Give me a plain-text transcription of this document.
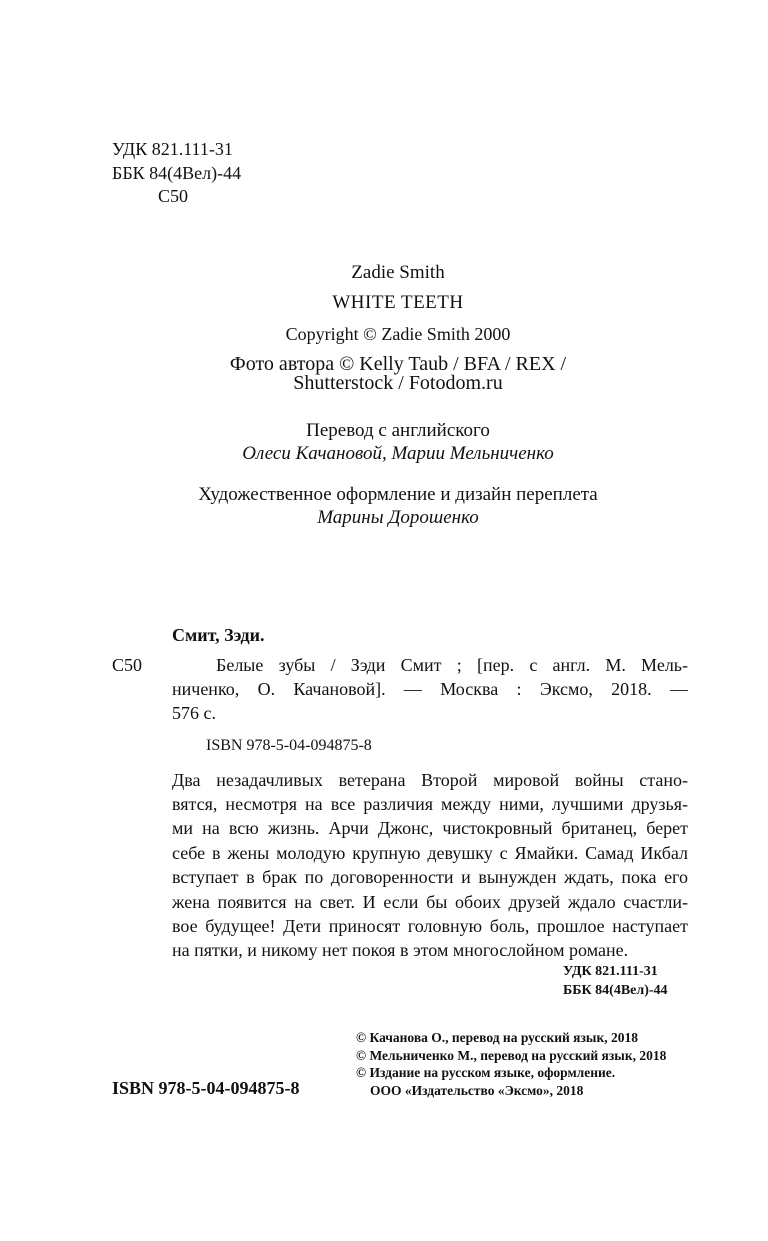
УДК 821.111-31
ББК 84(4Вел)-44
С50
Zadie Smith
WHITE TEETH
Copyright © Zadie Smith 2000
Фото автора © Kelly Taub / BFA / REX /
Shutterstock / Fotodom.ru
Перевод с английского
Олеси Качановой, Марии Мельниченко
Художественное оформление и дизайн переплета
Марины Дорошенко
Смит, Зэди.
С50	Белые зубы / Зэди Смит ; [пер. с англ. М. Мель-
ниченко, О. Качановой]. — Москва : Эксмо, 2018. —
576 с.
ISBN 978-5-04-094875-8
Два незадачливых ветерана Второй мировой войны стано-
вятся, несмотря на все различия между ними, лучшими друзья-
ми на всю жизнь. Арчи Джонс, чистокровный британец, берет
себе в жены молодую крупную девушку с Ямайки. Самад Икбал
вступает в брак по договоренности и вынужден ждать, пока его
жена появится на свет. И если бы обоих друзей ждало счастли-
вое будущее! Дети приносят головную боль, прошлое наступает
на пятки, и никому нет покоя в этом многослойном романе.
УДК 821.111-31
ББК 84(4Вел)-44
© Качанова О., перевод на русский язык, 2018
© Мельниченко М., перевод на русский язык, 2018
© Издание на русском языке, оформление.
ООО «Издательство «Эксмо», 2018
ISBN 978-5-04-094875-8
